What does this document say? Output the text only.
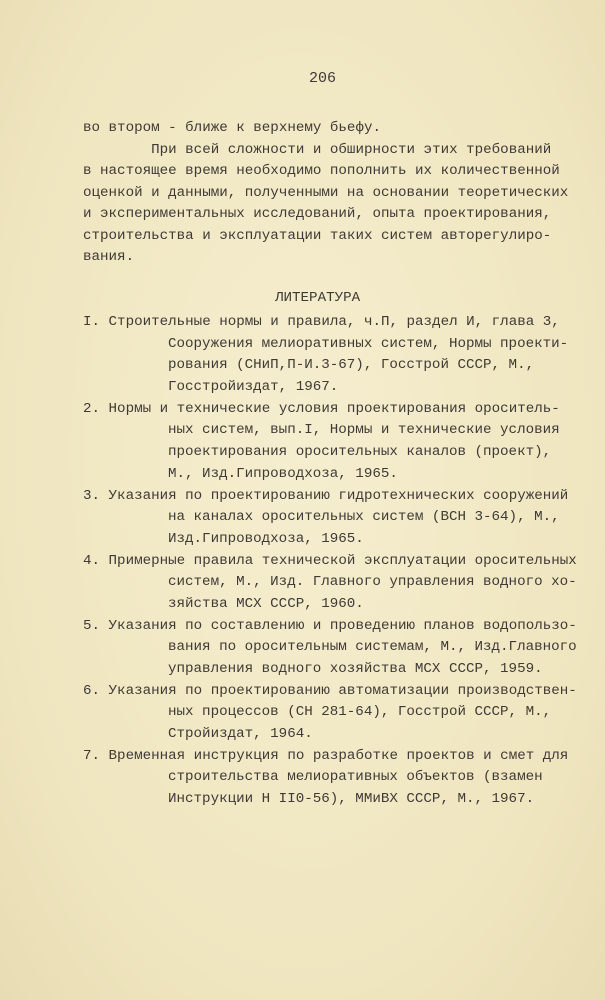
206
во втором - ближе к верхнему бьефу.
При всей сложности и обширности этих требований
в настоящее время необходимо пополнить их количественной
оценкой и данными, полученными на основании теоретических
и экспериментальных исследований, опыта проектирования,
строительства и эксплуатации таких систем авторегулиро-
вания.
ЛИТЕРАТУРА
I. Строительные нормы и правила, ч.П, раздел И, глава 3,
Сооружения мелиоративных систем, Нормы проекти-
рования (СНиП,П-И.3-67), Госстрой СССР, М.,
Госстройиздат, 1967.
2. Нормы и технические условия проектирования ороситель-
ных систем, вып.I, Нормы и технические условия
проектирования оросительных каналов (проект),
М., Изд.Гипроводхоза, 1965.
3. Указания по проектированию гидротехнических сооружений
на каналах оросительных систем (ВСН 3-64), М.,
Изд.Гипроводхоза, 1965.
4. Примерные правила технической эксплуатации оросительных
систем, М., Изд. Главного управления водного хо-
зяйства МСХ СССР, 1960.
5. Указания по составлению и проведению планов водопользо-
вания по оросительным системам, М., Изд.Главного
управления водного хозяйства МСХ СССР, 1959.
6. Указания по проектированию автоматизации производствен-
ных процессов (СН 281-64), Госстрой СССР, М.,
Стройиздат, 1964.
7. Временная инструкция по разработке проектов и смет для
строительства мелиоративных объектов (взамен
Инструкции Н II0-56), ММиВХ СССР, М., 1967.
